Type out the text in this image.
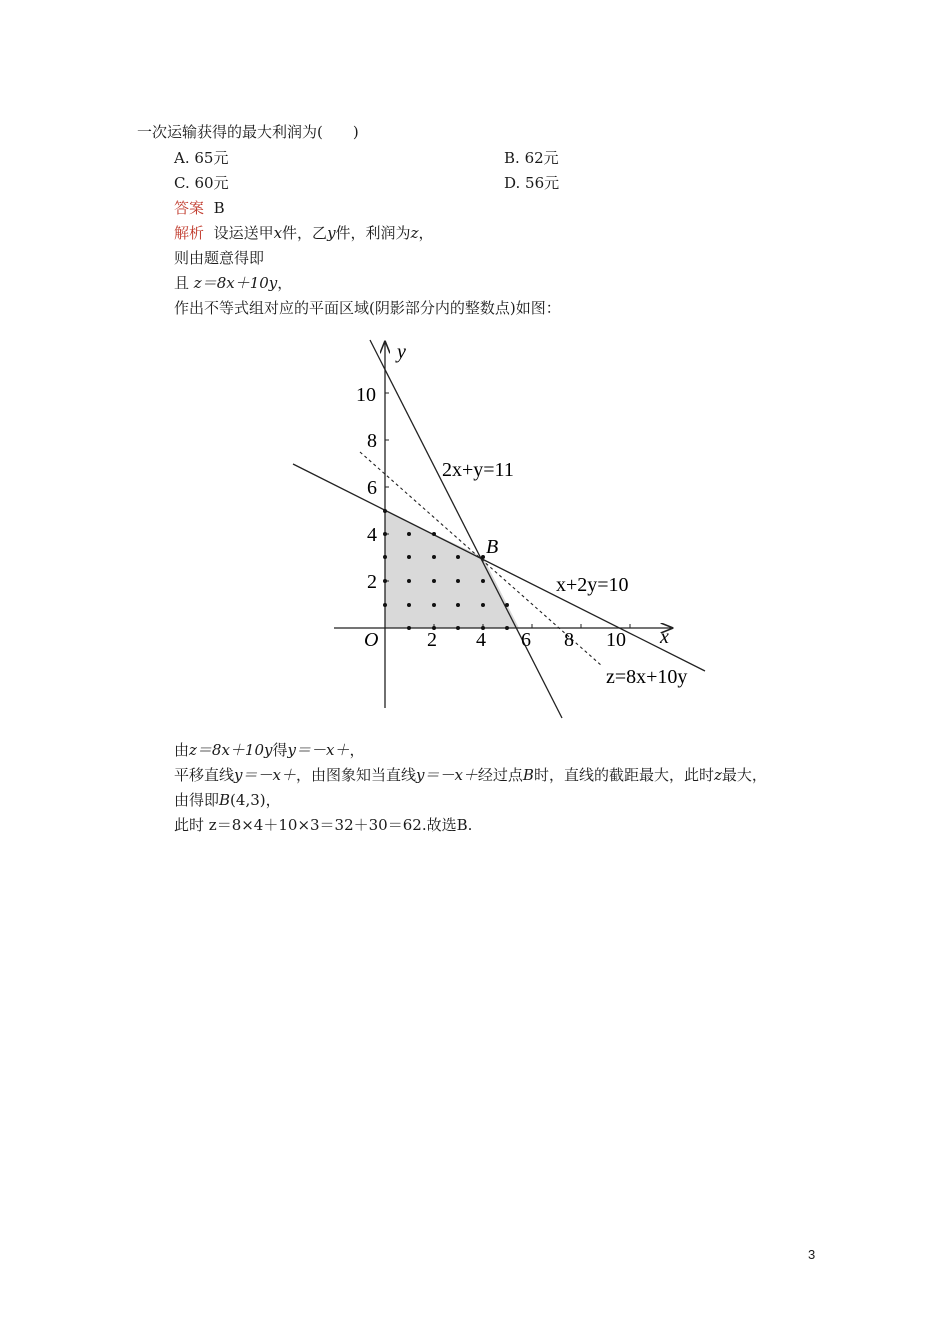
一次运输获得的最大利润为(　　)
A. 65元	B. 62元
C. 60元	D. 56元
答案 B
解析 设运送甲x件，乙y件，利润为z，
则由题意得即
且 z＝8x＋10y，
作出不等式组对应的平面区域(阴影部分内的整数点)如图：
y
x
O 2 4 6 8 10
2
4
6
8
10
2x+y=11
x+2y=10
z=8x+10y
B
由z＝8x＋10y得y＝－x＋，
平移直线y＝－x＋，由图象知当直线y＝－x＋经过点B时，直线的截距最大，此时z最大，
由得即B(4,3)，
此时 z＝8×4＋10×3＝32＋30＝62.故选B.
3
